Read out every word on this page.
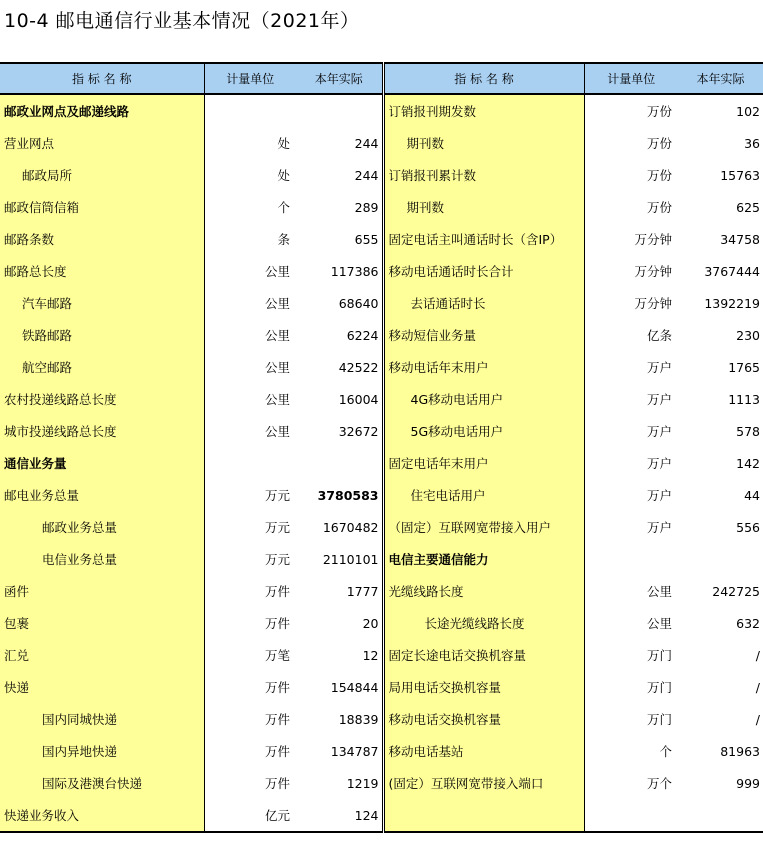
10-4 邮电通信行业基本情况（2021年）
指 标 名 称	计量单位	本年实际	指 标 名 称	计量单位	本年实际
邮政业网点及邮递线路			订销报刊期发数	万份	102
营业网点	处	244	期刊数	万份	36
邮政局所	处	244	订销报刊累计数	万份	15763
邮政信筒信箱	个	289	期刊数	万份	625
邮路条数	条	655	固定电话主叫通话时长（含IP）	万分钟	34758
邮路总长度	公里	117386	移动电话通话时长合计	万分钟	3767444
汽车邮路	公里	68640	去话通话时长	万分钟	1392219
铁路邮路	公里	6224	移动短信业务量	亿条	230
航空邮路	公里	42522	移动电话年末用户	万户	1765
农村投递线路总长度	公里	16004	4G移动电话用户	万户	1113
城市投递线路总长度	公里	32672	5G移动电话用户	万户	578
通信业务量			固定电话年末用户	万户	142
邮电业务总量	万元	3780583	住宅电话用户	万户	44
邮政业务总量	万元	1670482	（固定）互联网宽带接入用户	万户	556
电信业务总量	万元	2110101	电信主要通信能力		
函件	万件	1777	光缆线路长度	公里	242725
包裹	万件	20	长途光缆线路长度	公里	632
汇兑	万笔	12	固定长途电话交换机容量	万门	/
快递	万件	154844	局用电话交换机容量	万门	/
国内同城快递	万件	18839	移动电话交换机容量	万门	/
国内异地快递	万件	134787	移动电话基站	个	81963
国际及港澳台快递	万件	1219	(固定）互联网宽带接入端口	万个	999
快递业务收入	亿元	124			
